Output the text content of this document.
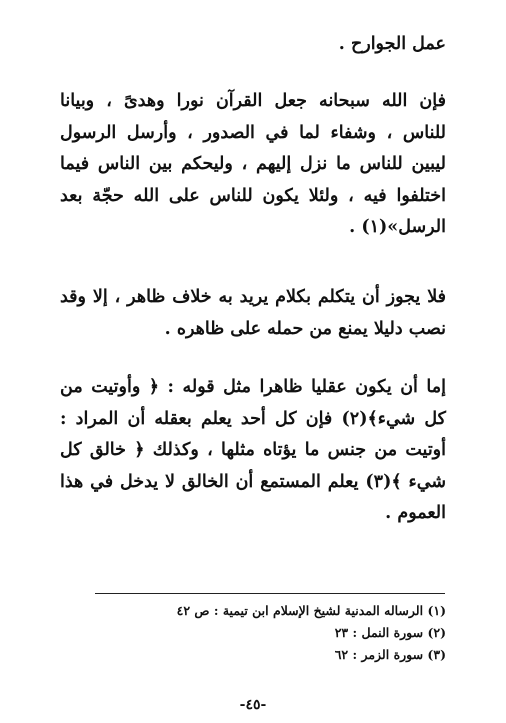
عمل الجوارح .

فإن الله سبحانه جعل القرآن نورا وهدىً ، وبيانا للناس ، وشفاء لما في الصدور ، وأرسل الرسول ليبين للناس ما نزل إليهم ، وليحكم بين الناس فيما اختلفوا فيه ، ولئلا يكون للناس على الله حجّة بعد الرسل»(١) .

فلا يجوز أن يتكلم بكلام يريد به خلاف ظاهر ، إلا وقد نصب دليلا يمنع من حمله على ظاهره .

إما أن يكون عقليا ظاهرا مثل قوله : ﴿ وأوتيت من كل شيء﴾(٢) فإن كل أحد يعلم بعقله أن المراد : أوتيت من جنس ما يؤتاه مثلها ، وكذلك ﴿ خالق كل شيء ﴾(٣) يعلم المستمع أن الخالق لا يدخل في هذا العموم .

(١) الرساله المدنية لشيخ الإسلام ابن تيمية : ص ٤٢
(٢) سورة النمل : ٢٣
(٣) سورة الزمر : ٦٢
-٤٥-
